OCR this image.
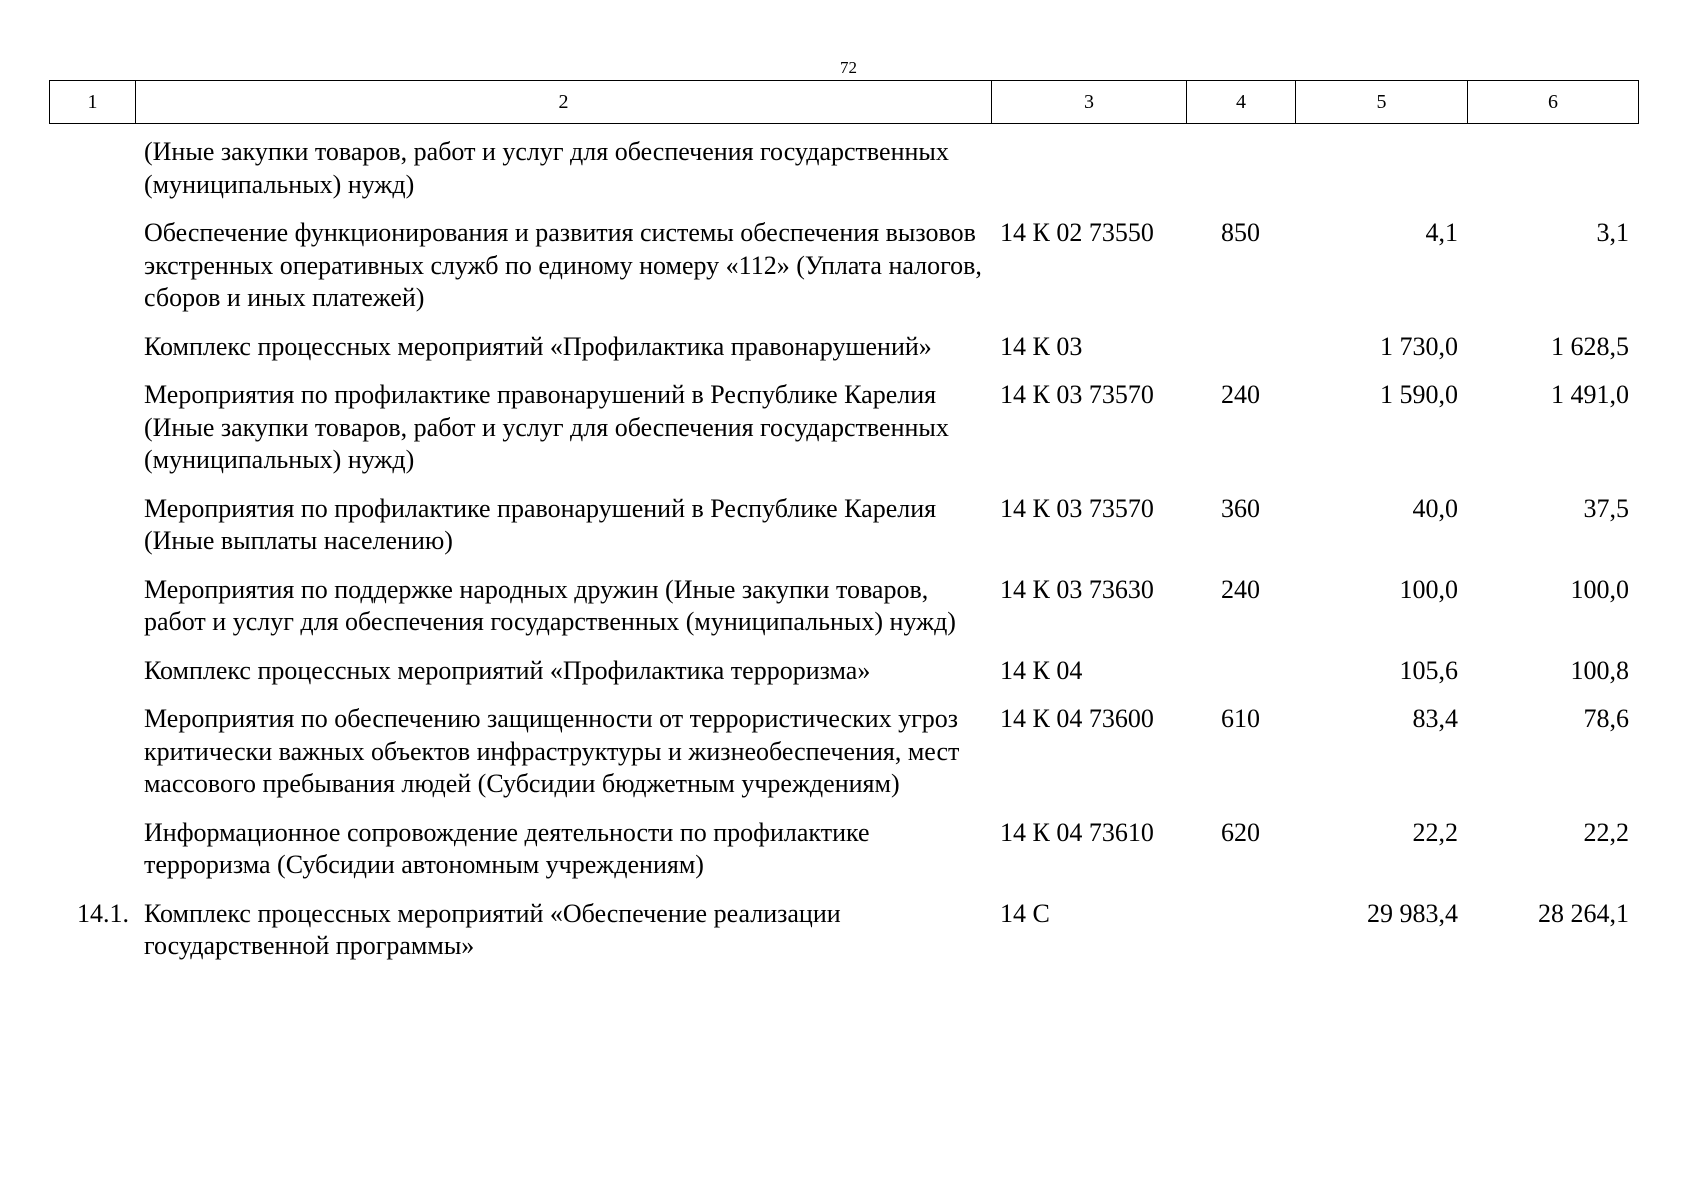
72
1	2	3	4	5	6
	(Иные закупки товаров, работ и услуг для обеспечения государственных (муниципальных) нужд)				
	Обеспечение функционирования и развития системы обеспечения вызовов экстренных оперативных служб по единому номеру «112» (Уплата налогов, сборов и иных платежей)	14 К 02 73550	850	4,1	3,1
	Комплекс процессных мероприятий «Профилактика правонарушений»	14 К 03		1 730,0	1 628,5
	Мероприятия по профилактике правонарушений в Республике Карелия (Иные закупки товаров, работ и услуг для обеспечения государственных (муниципальных) нужд)	14 К 03 73570	240	1 590,0	1 491,0
	Мероприятия по профилактике правонарушений в Республике Карелия (Иные выплаты населению)	14 К 03 73570	360	40,0	37,5
	Мероприятия по поддержке народных дружин (Иные закупки товаров, работ и услуг для обеспечения государственных (муниципальных) нужд)	14 К 03 73630	240	100,0	100,0
	Комплекс процессных мероприятий «Профилактика терроризма»	14 К 04		105,6	100,8
	Мероприятия по обеспечению защищенности от террористических угроз критически важных объектов инфраструктуры и жизнеобеспечения, мест массового пребывания людей (Субсидии бюджетным учреждениям)	14 К 04 73600	610	83,4	78,6
	Информационное сопровождение деятельности по профилактике терроризма (Субсидии автономным учреждениям)	14 К 04 73610	620	22,2	22,2
14.1.	Комплекс процессных мероприятий «Обеспечение реализации государственной программы»	14 С		29 983,4	28 264,1
